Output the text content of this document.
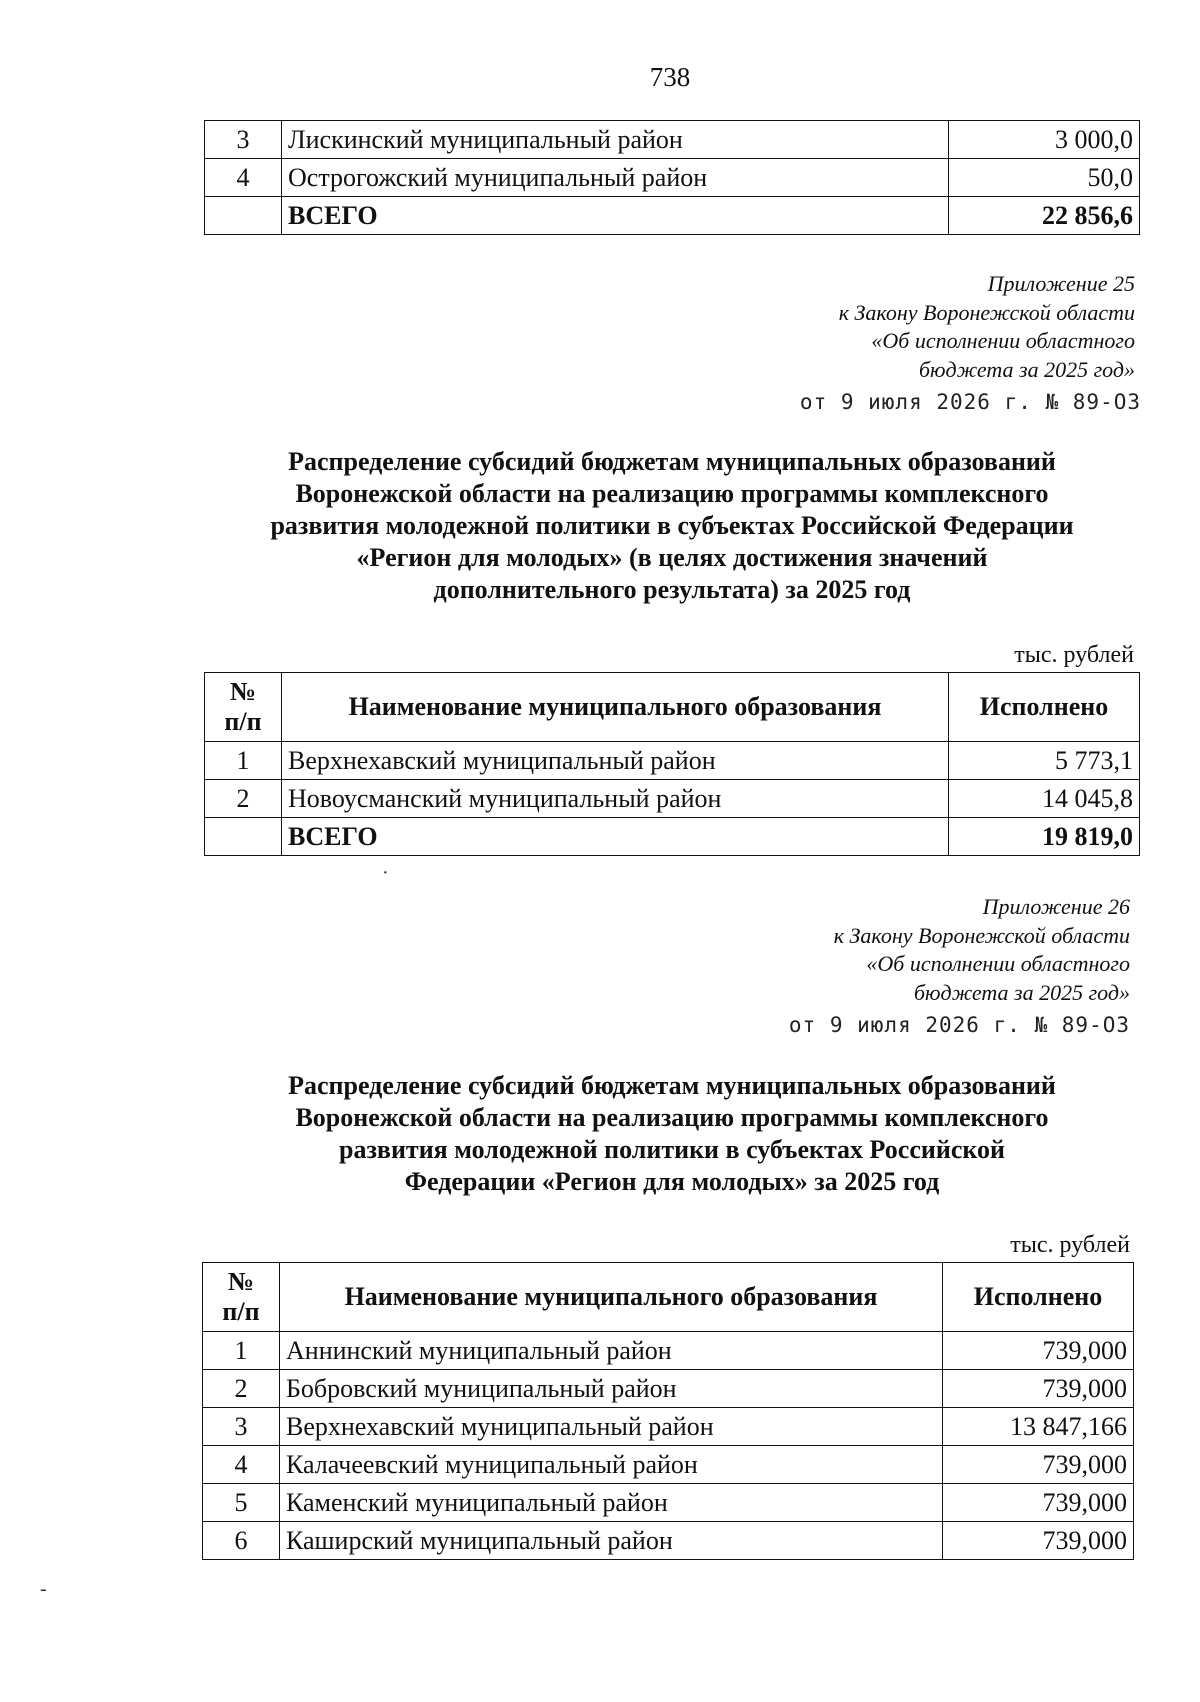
738
3	Лискинский муниципальный район	3 000,0
4	Острогожский муниципальный район	50,0
	ВСЕГО	22 856,6
Приложение 25
к Закону Воронежской области
«Об исполнении областного
бюджета за 2025 год»
от 9 июля 2026 г. № 89-ОЗ
Распределение субсидий бюджетам муниципальных образований
Воронежской области на реализацию программы комплексного
развития молодежной политики в субъектах Российской Федерации
«Регион для молодых» (в целях достижения значений
дополнительного результата) за 2025 год
тыс. рублей
№
п/п	Наименование муниципального образования	Исполнено
1	Верхнехавский муниципальный район	5 773,1
2	Новоусманский муниципальный район	14 045,8
	ВСЕГО	19 819,0
·
Приложение 26
к Закону Воронежской области
«Об исполнении областного
бюджета за 2025 год»
от 9 июля 2026 г. № 89-ОЗ
Распределение субсидий бюджетам муниципальных образований
Воронежской области на реализацию программы комплексного
развития молодежной политики в субъектах Российской
Федерации «Регион для молодых» за 2025 год
тыс. рублей
№
п/п	Наименование муниципального образования	Исполнено
1	Аннинский муниципальный район	739,000
2	Бобровский муниципальный район	739,000
3	Верхнехавский муниципальный район	13 847,166
4	Калачеевский муниципальный район	739,000
5	Каменский муниципальный район	739,000
6	Каширский муниципальный район	739,000
-
